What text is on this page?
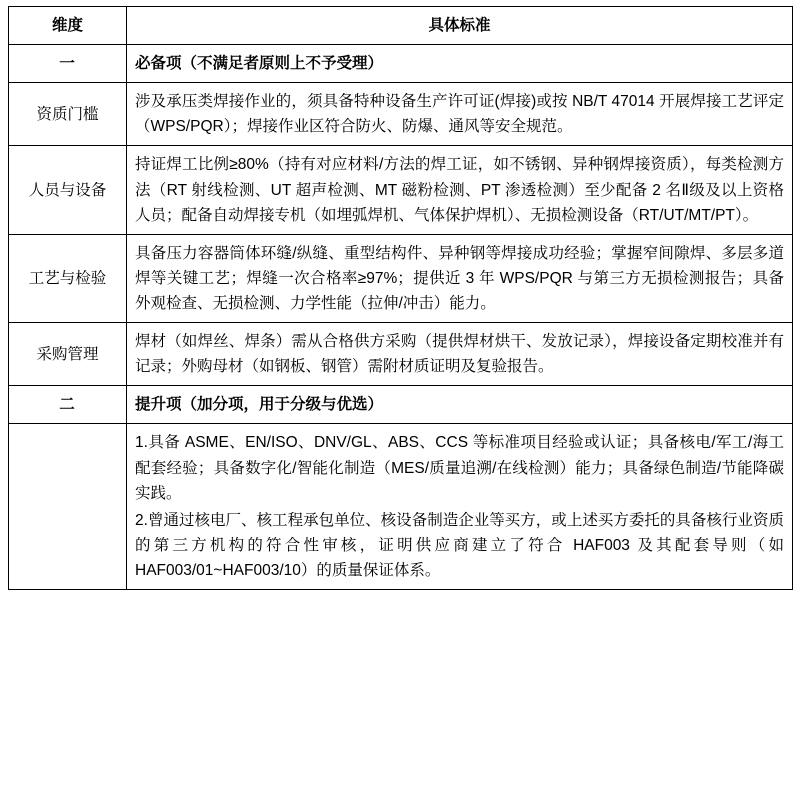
维度	具体标准
一	必备项（不满足者原则上不予受理）
资质门槛	涉及承压类焊接作业的，须具备特种设备生产许可证(焊接)或按 NB/T 47014 开展焊接工艺评定（WPS/PQR）；焊接作业区符合防火、防爆、通风等安全规范。

人员与设备	持证焊工比例≥80%（持有对应材料/方法的焊工证，如不锈钢、异种钢焊接资质），每类检测方法（RT 射线检测、UT 超声检测、MT 磁粉检测、PT 渗透检测）至少配备 2 名Ⅱ级及以上资格人员；配备自动焊接专机（如埋弧焊机、气体保护焊机）、无损检测设备（RT/UT/MT/PT）。

工艺与检验	具备压力容器筒体环缝/纵缝、重型结构件、异种钢等焊接成功经验；掌握窄间隙焊、多层多道焊等关键工艺；焊缝一次合格率≥97%；提供近 3 年 WPS/PQR 与第三方无损检测报告；具备外观检查、无损检测、力学性能（拉伸/冲击）能力。

采购管理	焊材（如焊丝、焊条）需从合格供方采购（提供焊材烘干、发放记录），焊接设备定期校准并有记录；外购母材（如钢板、钢管）需附材质证明及复验报告。

二	提升项（加分项，用于分级与优选）

	1.具备 ASME、EN/ISO、DNV/GL、ABS、CCS 等标准项目经验或认证；具备核电/军工/海工配套经验；具备数字化/智能化制造（MES/质量追溯/在线检测）能力；具备绿色制造/节能降碳实践。

2.曾通过核电厂、核工程承包单位、核设备制造企业等买方，或上述买方委托的具备核行业资质的第三方机构的符合性审核，证明供应商建立了符合 HAF003 及其配套导则（如 HAF003/01~HAF003/10）的质量保证体系。
